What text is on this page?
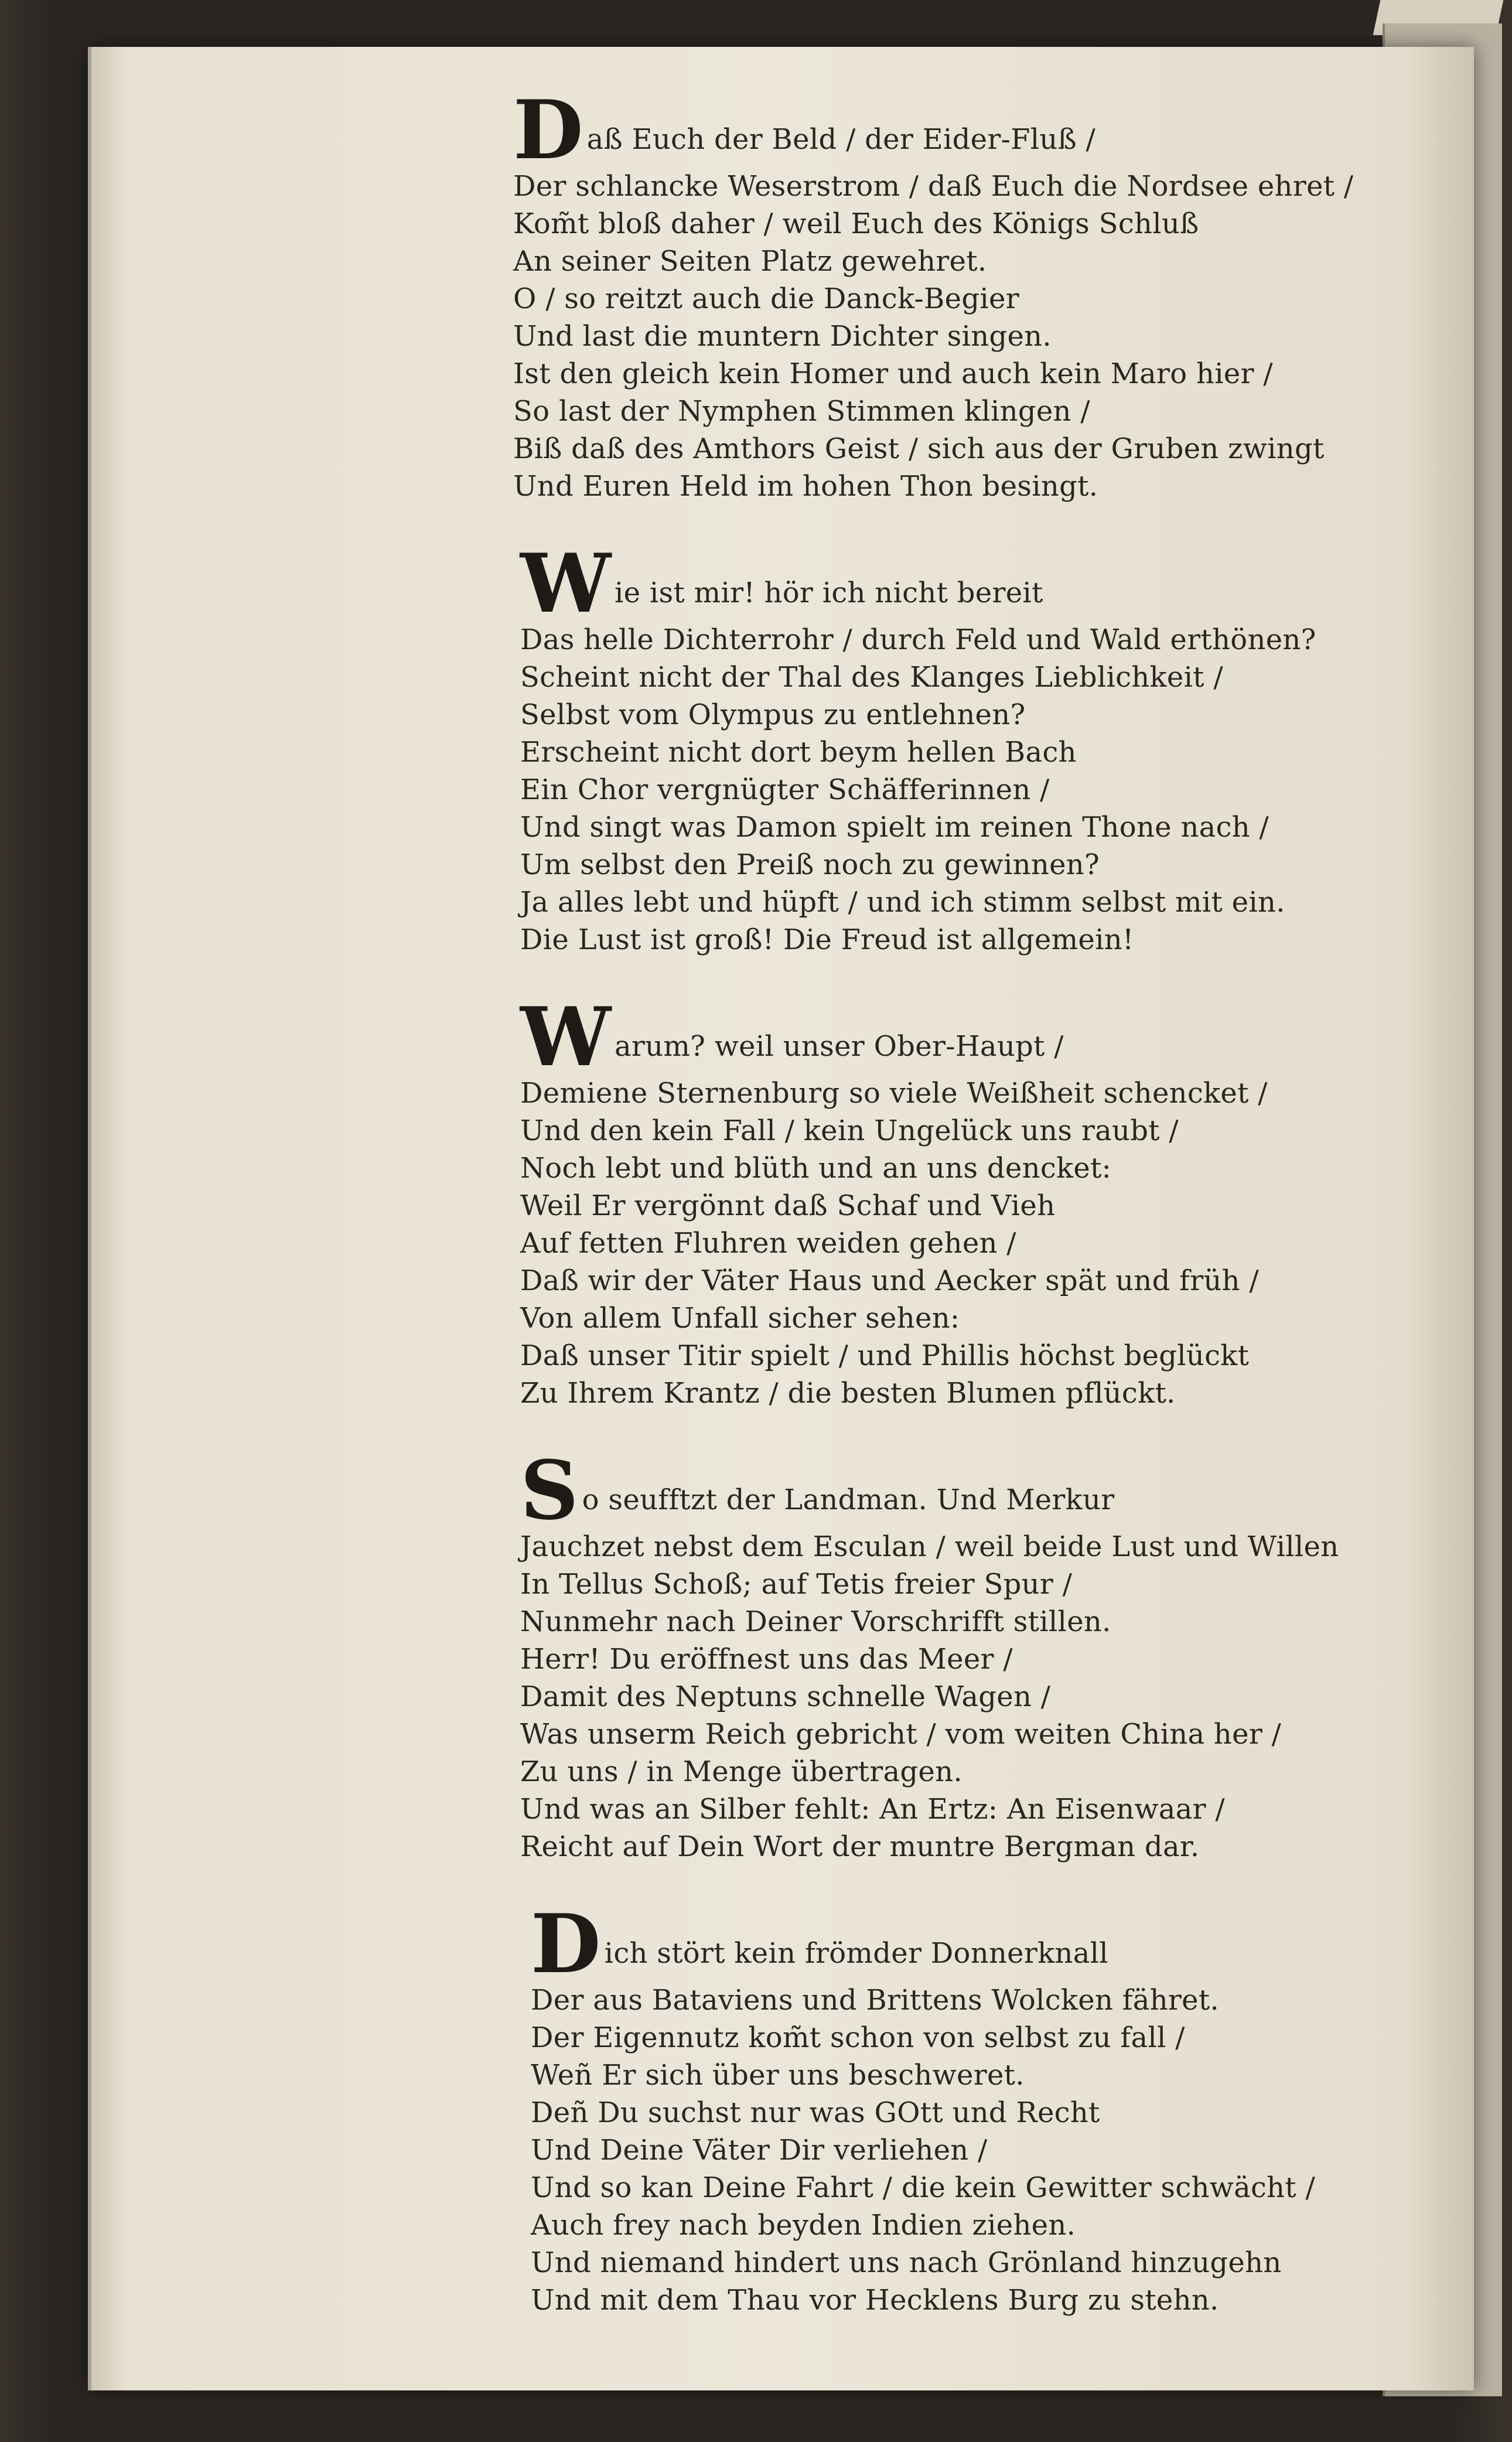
D aß Euch der Beld / der Eider-Fluß /
Der schlancke Weserstrom / daß Euch die Nordsee ehret /
Kom̃t bloß daher / weil Euch des Königs Schluß
An seiner Seiten Platz gewehret.
O / so reitzt auch die Danck-Begier
Und last die muntern Dichter singen.
Ist den gleich kein Homer und auch kein Maro hier /
So last der Nymphen Stimmen klingen /
Biß daß des Amthors Geist / sich aus der Gruben zwingt
Und Euren Held im hohen Thon besingt.
W ie ist mir! hör ich nicht bereit
Das helle Dichterrohr / durch Feld und Wald erthönen?
Scheint nicht der Thal des Klanges Lieblichkeit /
Selbst vom Olympus zu entlehnen?
Erscheint nicht dort beym hellen Bach
Ein Chor vergnügter Schäfferinnen /
Und singt was Damon spielt im reinen Thone nach /
Um selbst den Preiß noch zu gewinnen?
Ja alles lebt und hüpft / und ich stimm selbst mit ein.
Die Lust ist groß! Die Freud ist allgemein!
W arum? weil unser Ober-Haupt /
Demiene Sternenburg so viele Weißheit schencket /
Und den kein Fall / kein Ungelück uns raubt /
Noch lebt und blüth und an uns dencket:
Weil Er vergönnt daß Schaf und Vieh
Auf fetten Fluhren weiden gehen /
Daß wir der Väter Haus und Aecker spät und früh /
Von allem Unfall sicher sehen:
Daß unser Titir spielt / und Phillis höchst beglückt
Zu Ihrem Krantz / die besten Blumen pflückt.
S o seufftzt der Landman. Und Merkur
Jauchzet nebst dem Esculan / weil beide Lust und Willen
In Tellus Schoß; auf Tetis freier Spur /
Nunmehr nach Deiner Vorschrifft stillen.
Herr! Du eröffnest uns das Meer /
Damit des Neptuns schnelle Wagen /
Was unserm Reich gebricht / vom weiten China her /
Zu uns / in Menge übertragen.
Und was an Silber fehlt: An Ertz: An Eisenwaar /
Reicht auf Dein Wort der muntre Bergman dar.
D ich stört kein frömder Donnerknall
Der aus Bataviens und Brittens Wolcken fähret.
Der Eigennutz kom̃t schon von selbst zu fall /
Weñ Er sich über uns beschweret.
Deñ Du suchst nur was GOtt und Recht
Und Deine Väter Dir verliehen /
Und so kan Deine Fahrt / die kein Gewitter schwächt /
Auch frey nach beyden Indien ziehen.
Und niemand hindert uns nach Grönland hinzugehn
Und mit dem Thau vor Hecklens Burg zu stehn.
